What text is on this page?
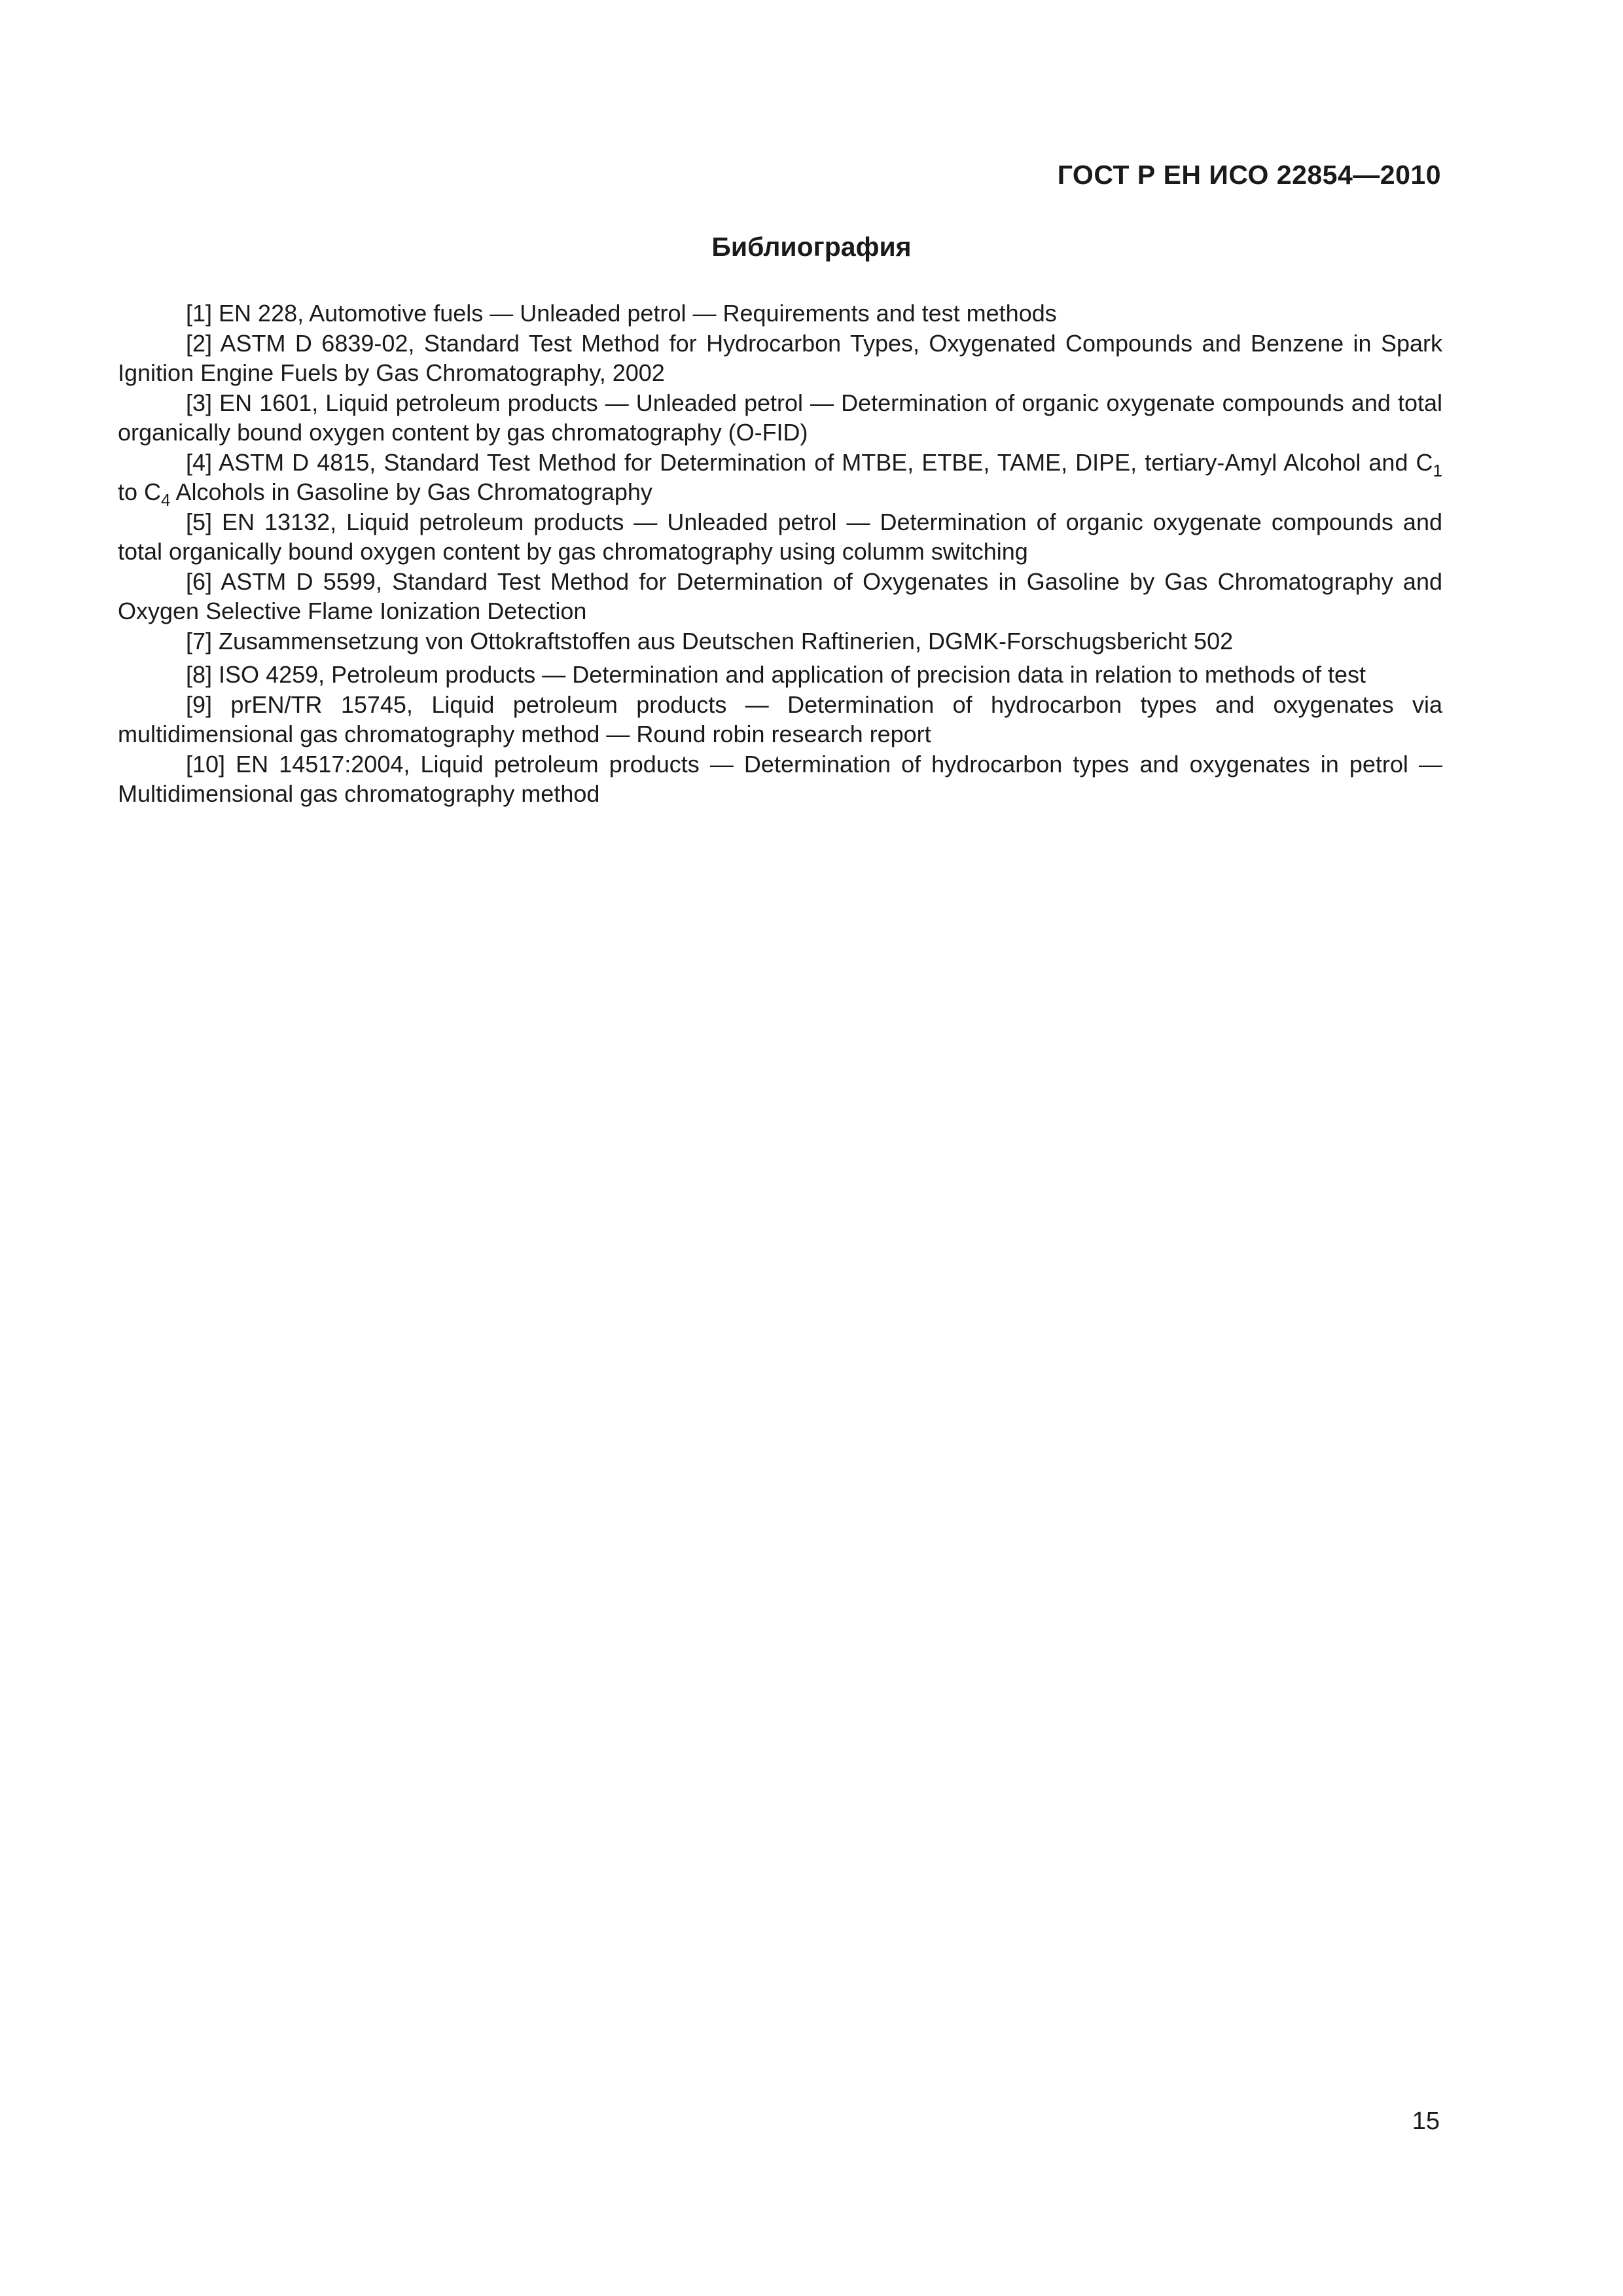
ГОСТ Р ЕН ИСО 22854—2010
Библиография

[1] EN 228, Automotive fuels — Unleaded petrol — Requirements and test methods

[2] ASTM D 6839-02, Standard Test Method for Hydrocarbon Types, Oxygenated Compounds and Benzene in Spark Ignition Engine Fuels by Gas Chromatography, 2002

[3] EN 1601, Liquid petroleum products — Unleaded petrol — Determination of organic oxygenate compounds and total organically bound oxygen content by gas chromatography (O-FID)

[4] ASTM D 4815, Standard Test Method for Determination of MTBE, ETBE, TAME, DIPE, tertiary-Amyl Alcohol and $C_1$ to $C_4$ Alcohols in Gasoline by Gas Chromatography

[5] EN 13132, Liquid petroleum products — Unleaded petrol — Determination of organic oxygenate compounds and total organically bound oxygen content by gas chromatography using columm switching

[6] ASTM D 5599, Standard Test Method for Determination of Oxygenates in Gasoline by Gas Chromatography and Oxygen Selective Flame Ionization Detection

[7] Zusammensetzung von Ottokraftstoffen aus Deutschen Raftinerien, DGMK-Forschugsbericht 502

[8] ISO 4259, Petroleum products — Determination and application of precision data in relation to methods of test

[9] prEN/TR 15745, Liquid petroleum products — Determination of hydrocarbon types and oxygenates via multidimensional gas chromatography method — Round robin research report

[10] EN 14517:2004, Liquid petroleum products — Determination of hydrocarbon types and oxygenates in petrol — Multidimensional gas chromatography method

15
